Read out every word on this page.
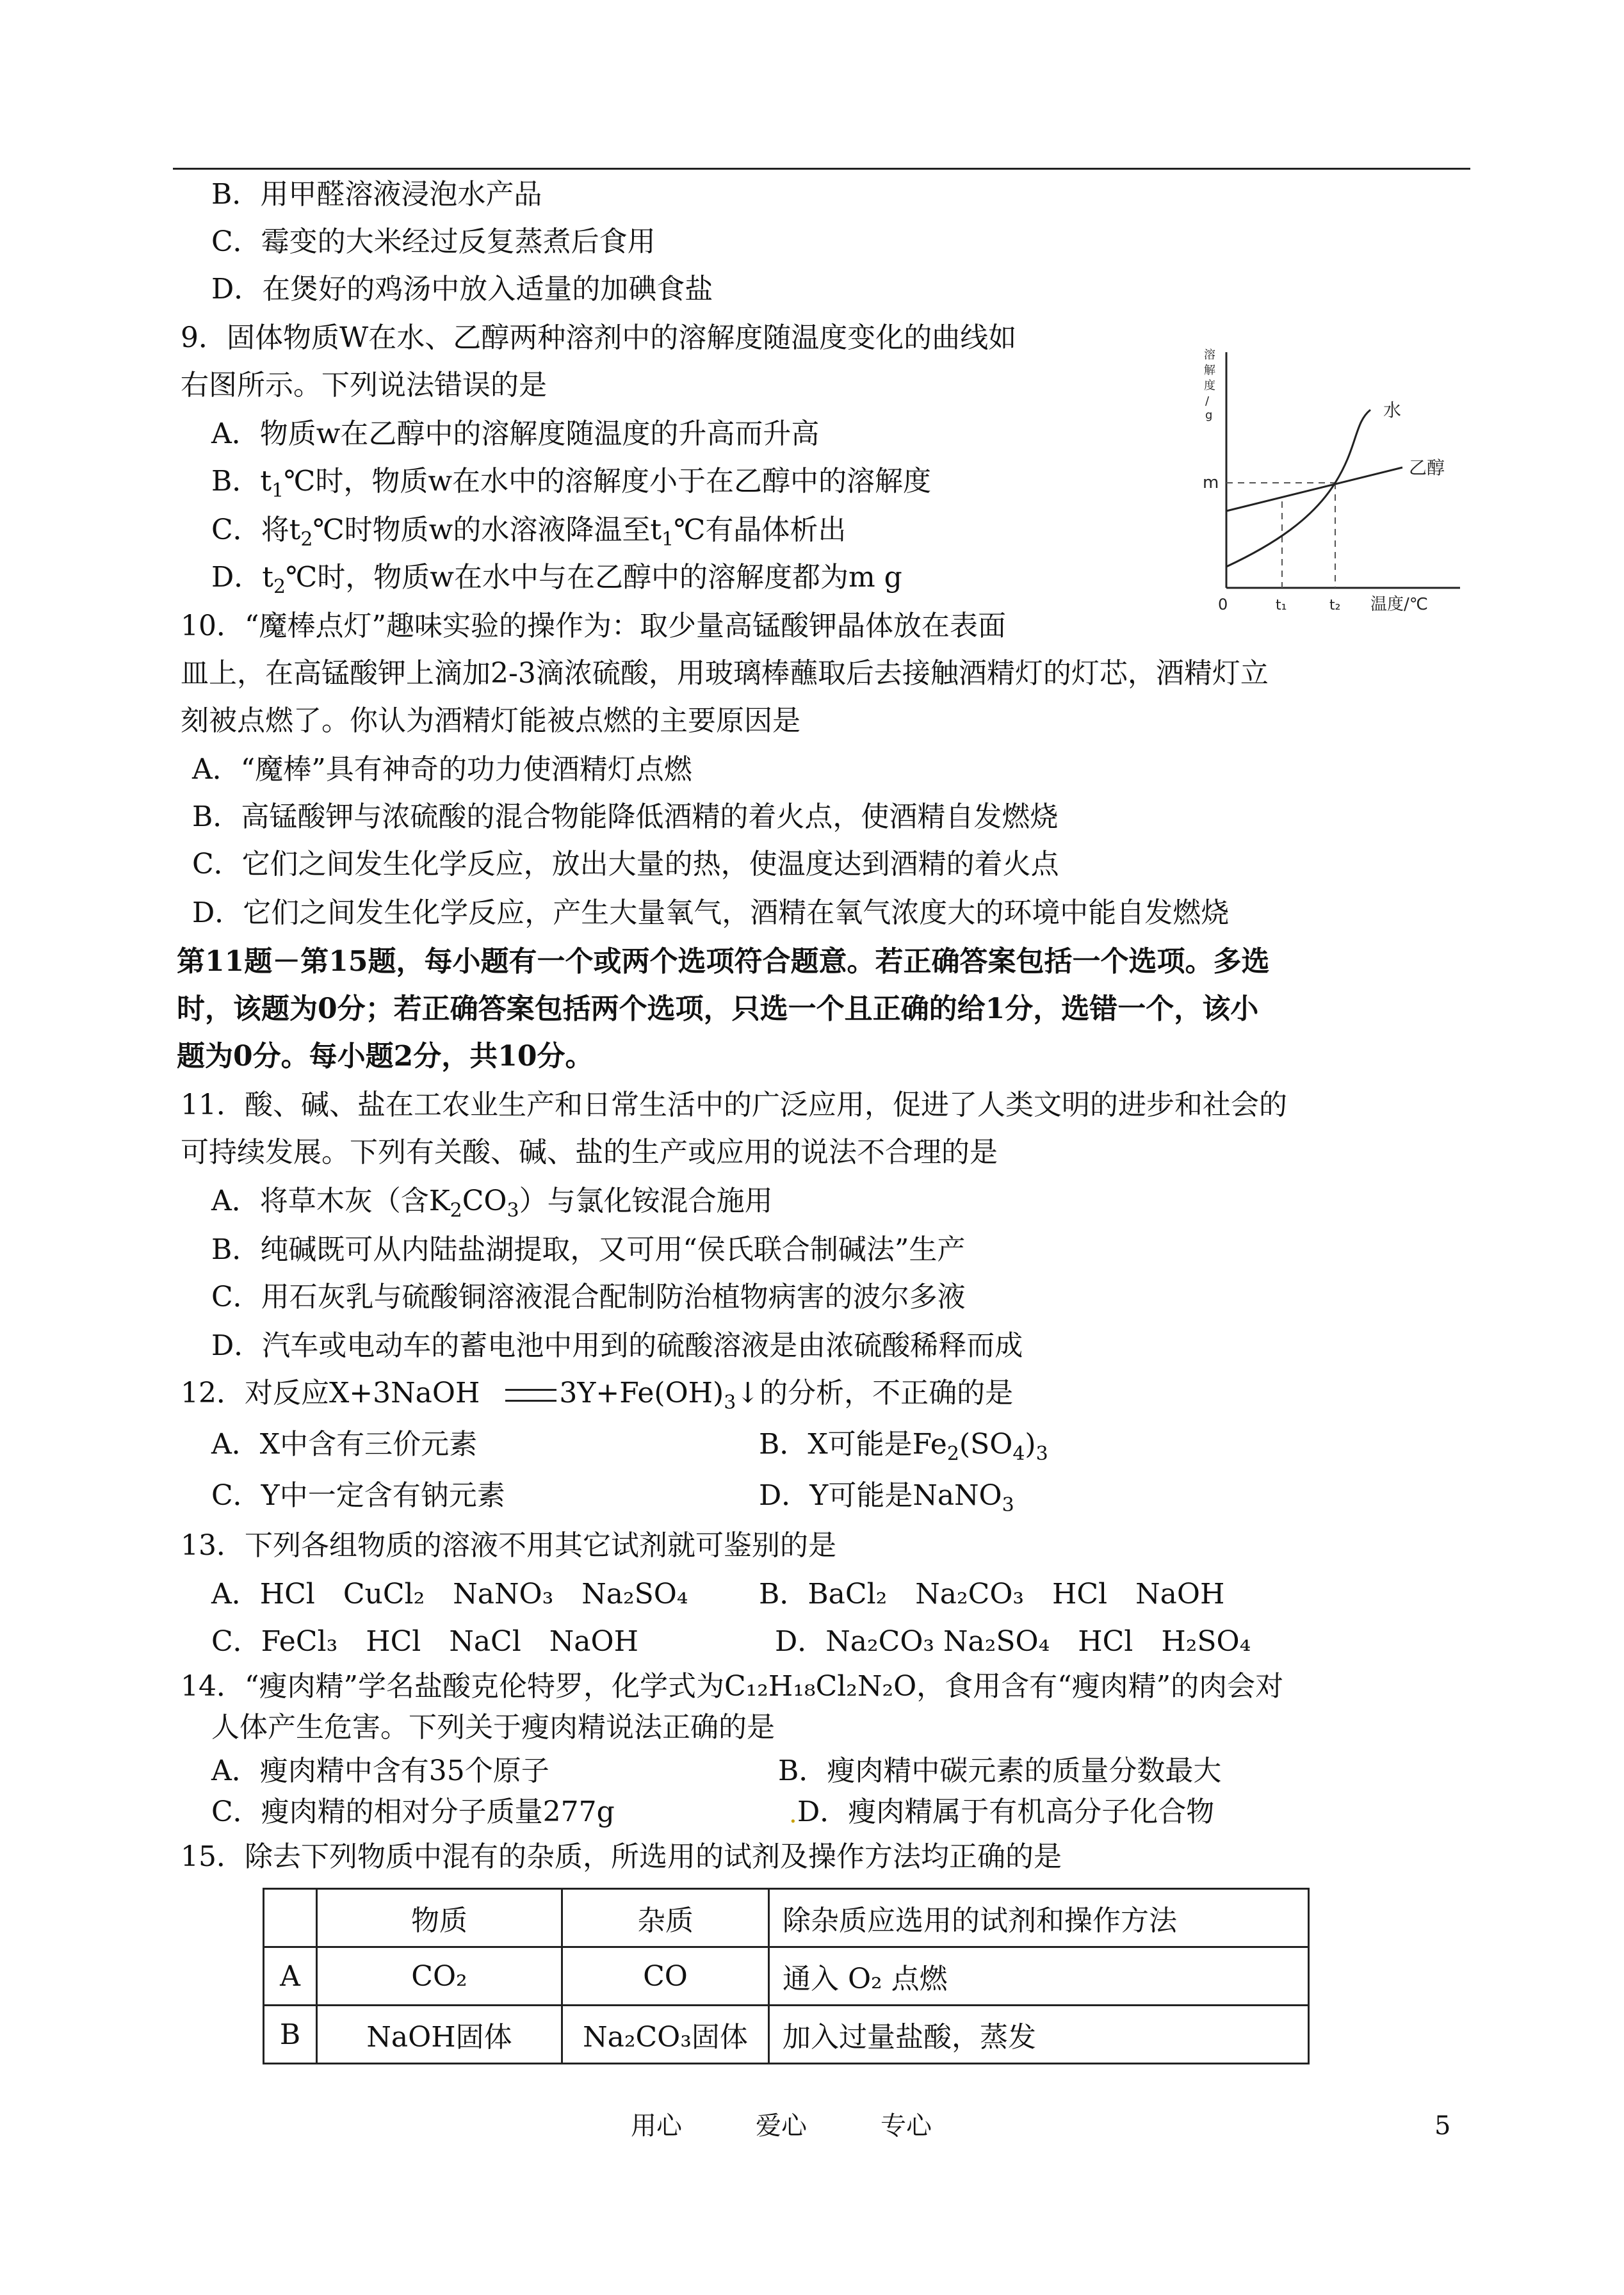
B．用甲醛溶液浸泡水产品
C．霉变的大米经过反复蒸煮后食用
D．在煲好的鸡汤中放入适量的加碘食盐
9．固体物质W在水、乙醇两种溶剂中的溶解度随温度变化的曲线如
右图所示。下列说法错误的是
A．物质w在乙醇中的溶解度随温度的升高而升高
B．$t_1℃$时，物质w在水中的溶解度小于在乙醇中的溶解度
C．将$t_2℃$时物质w的水溶液降温至$t_1℃$有晶体析出
D．$t_2℃$时，物质w在水中与在乙醇中的溶解度都为m g
溶
解
度
/
g
m
水
乙醇
0	t₁	t₂ 温度/℃
10．“魔棒点灯”趣味实验的操作为：取少量高锰酸钾晶体放在表面
皿上，在高锰酸钾上滴加2-3滴浓硫酸，用玻璃棒蘸取后去接触酒精灯的灯芯，酒精灯立
刻被点燃了。你认为酒精灯能被点燃的主要原因是
A．“魔棒”具有神奇的功力使酒精灯点燃
B．高锰酸钾与浓硫酸的混合物能降低酒精的着火点，使酒精自发燃烧
C．它们之间发生化学反应，放出大量的热，使温度达到酒精的着火点
D．它们之间发生化学反应，产生大量氧气，酒精在氧气浓度大的环境中能自发燃烧
第11题－第15题，每小题有一个或两个选项符合题意。若正确答案包括一个选项。多选
时，该题为0分；若正确答案包括两个选项，只选一个且正确的给1分，选错一个，该小
题为0分。每小题2分，共10分。
11．酸、碱、盐在工农业生产和日常生活中的广泛应用，促进了人类文明的进步和社会的
可持续发展。下列有关酸、碱、盐的生产或应用的说法不合理的是
A．将草木灰（含$K_2CO_3$）与氯化铵混合施用
B．纯碱既可从内陆盐湖提取，又可用“侯氏联合制碱法”生产
C．用石灰乳与硫酸铜溶液混合配制防治植物病害的波尔多液
D．汽车或电动车的蓄电池中用到的硫酸溶液是由浓硫酸稀释而成
12．对反应X+3NaOH	$3Y+Fe(OH)_3↓$的分析，不正确的是
A．X中含有三价元素	B．X可能是$Fe_2(SO_4)_3$
C．Y中一定含有钠元素	D．Y可能是NaNO$_3$
13．下列各组物质的溶液不用其它试剂就可鉴别的是
A．HCl　CuCl₂　NaNO₃　Na₂SO₄	B．BaCl₂　Na₂CO₃　HCl　NaOH
C．FeCl₃　HCl　NaCl　NaOH	D．Na₂CO₃ Na₂SO₄　HCl　H₂SO₄
14．“瘦肉精”学名盐酸克伦特罗，化学式为C₁₂H₁₈Cl₂N₂O，食用含有“瘦肉精”的肉会对
人体产生危害。下列关于瘦肉精说法正确的是
A．瘦肉精中含有35个原子	B．瘦肉精中碳元素的质量分数最大
C．瘦肉精的相对分子质量277g	. D．瘦肉精属于有机高分子化合物
15．除去下列物质中混有的杂质，所选用的试剂及操作方法均正确的是
	物质	杂质	除杂质应选用的试剂和操作方法
A	CO₂	CO	通入 O₂ 点燃
B	NaOH固体	Na₂CO₃固体	加入过量盐酸，蒸发
用心	爱心	专心	5
